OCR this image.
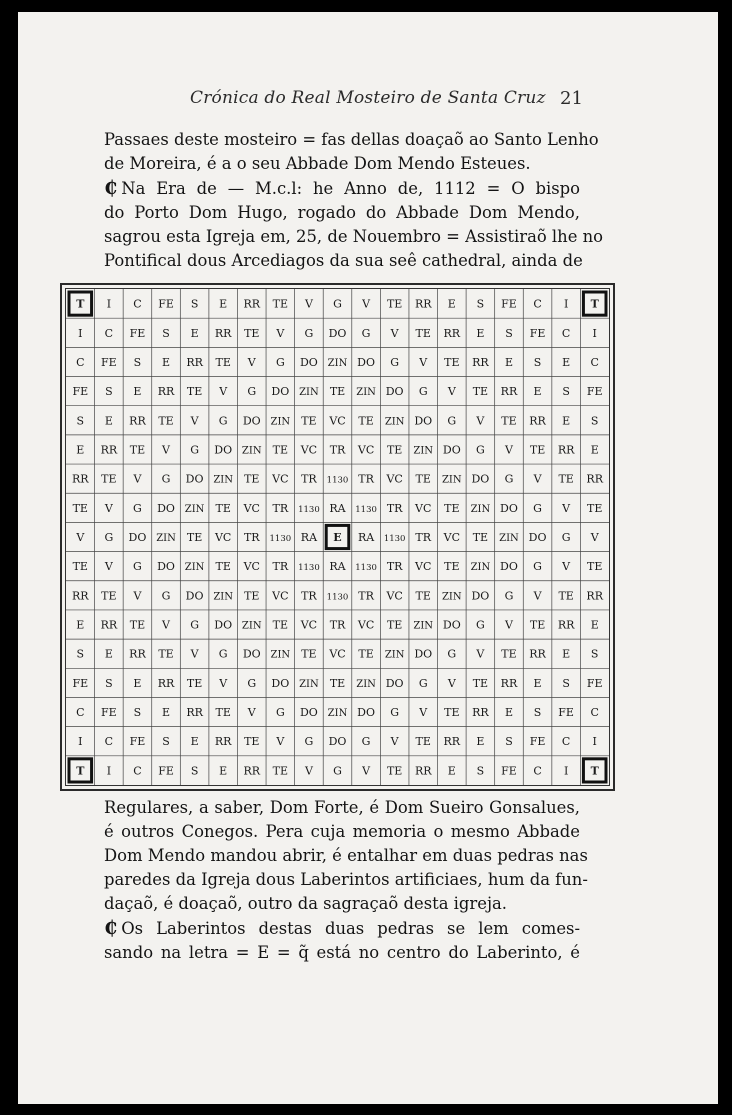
Crónica do Real Mosteiro de Santa Cruz 21
Passaes deste mosteiro = fas dellas doaçaõ ao Santo Lenho
de Moreira, é a o seu Abbade Dom Mendo Esteues.
₵ Na Era de — M.c.l: he Anno de, 1112 = O bispo
do Porto Dom Hugo, rogado do Abbade Dom Mendo,
sagrou esta Igreja em, 25, de Nouembro = Assistiraõ lhe no
Pontifical dous Arcediagos da sua seê cathedral, ainda de
T I C FE S E RR TE V G V TE RR E S FE C I T
I C FE S E RR TE V G DO G V TE RR E S FE C I
C FE S E RR TE V G DO ZIN DO G V TE RR E S E C
FE S E RR TE V G DO ZIN TE ZIN DO G V TE RR E S FE
S E RR TE V G DO ZIN TE VC TE ZIN DO G V TE RR E S
E RR TE V G DO ZIN TE VC TR VC TE ZIN DO G V TE RR E
RR TE V G DO ZIN TE VC TR 1130 TR VC TE ZIN DO G V TE RR
TE V G DO ZIN TE VC TR 1130 RA 1130 TR VC TE ZIN DO G V TE
V G DO ZIN TE VC TR 1130 RA E RA 1130 TR VC TE ZIN DO G V
TE V G DO ZIN TE VC TR 1130 RA 1130 TR VC TE ZIN DO G V TE
RR TE V G DO ZIN TE VC TR 1130 TR VC TE ZIN DO G V TE RR
E RR TE V G DO ZIN TE VC TR VC TE ZIN DO G V TE RR E
S E RR TE V G DO ZIN TE VC TE ZIN DO G V TE RR E S
FE S E RR TE V G DO ZIN TE ZIN DO G V TE RR E S FE
C FE S E RR TE V G DO ZIN DO G V TE RR E S FE C
I C FE S E RR TE V G DO G V TE RR E S FE C I
T I C FE S E RR TE V G V TE RR E S FE C I T
Regulares, a saber, Dom Forte, é Dom Sueiro Gonsalues,
é outros Conegos. Pera cuja memoria o mesmo Abbade
Dom Mendo mandou abrir, é entalhar em duas pedras nas
paredes da Igreja dous Laberintos artificiaes, hum da fun-
daçaõ, é doaçaõ, outro da sagraçaõ desta igreja.
₵ Os Laberintos destas duas pedras se lem comes-
sando na letra = E = q̃ está no centro do Laberinto, é
